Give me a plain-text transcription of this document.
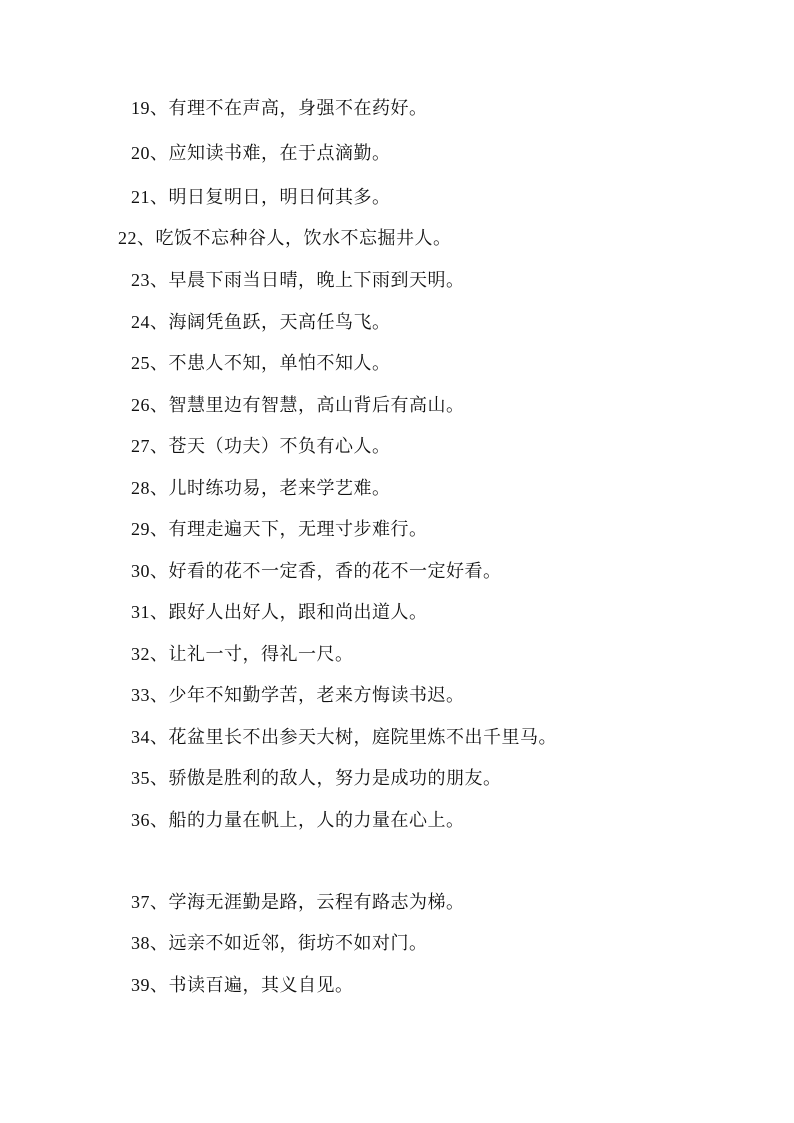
19、有理不在声高，身强不在药好。
20、应知读书难，在于点滴勤。
21、明日复明日，明日何其多。
22、吃饭不忘种谷人，饮水不忘掘井人。
23、早晨下雨当日晴，晚上下雨到天明。
24、海阔凭鱼跃，天高任鸟飞。
25、不患人不知，单怕不知人。
26、智慧里边有智慧，高山背后有高山。
27、苍天（功夫）不负有心人。
28、儿时练功易，老来学艺难。
29、有理走遍天下，无理寸步难行。
30、好看的花不一定香，香的花不一定好看。
31、跟好人出好人，跟和尚出道人。
32、让礼一寸，得礼一尺。
33、少年不知勤学苦，老来方悔读书迟。
34、花盆里长不出参天大树，庭院里炼不出千里马。
35、骄傲是胜利的敌人，努力是成功的朋友。
36、船的力量在帆上，人的力量在心上。
37、学海无涯勤是路，云程有路志为梯。
38、远亲不如近邻，街坊不如对门。
39、书读百遍，其义自见。
